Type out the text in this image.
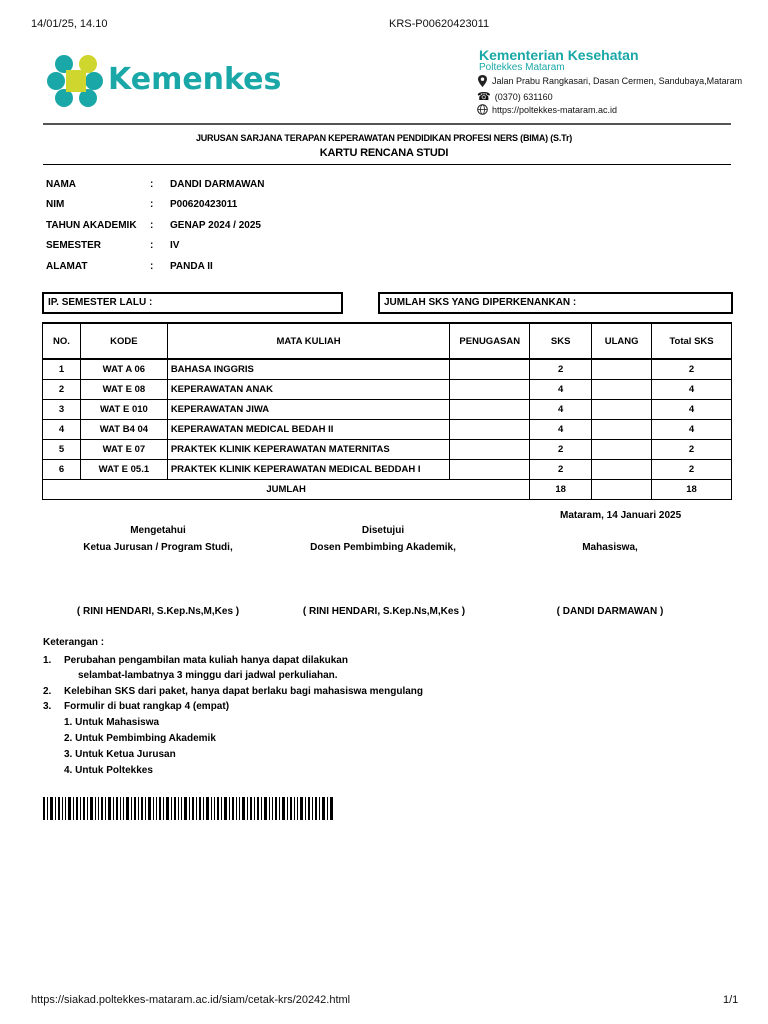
14/01/25, 14.10	KRS-P00620423011
Kemenkes
Kementerian Kesehatan
Poltekkes Mataram
Jalan Prabu Rangkasari, Dasan Cermen, Sandubaya,Mataram
☎ (0370) 631160
https://poltekkes-mataram.ac.id
JURUSAN SARJANA TERAPAN KEPERAWATAN PENDIDIKAN PROFESI NERS (BIMA) (S.Tr)
KARTU RENCANA STUDI
NAMA	: DANDI DARMAWAN
NIM	: P00620423011
TAHUN AKADEMIK : GENAP 2024 / 2025
SEMESTER	: IV
ALAMAT	: PANDA II
IP. SEMESTER LALU :	JUMLAH SKS YANG DIPERKENANKAN :
NO.	KODE	MATA KULIAH	PENUGASAN	SKS	ULANG	Total SKS
1	WAT A 06	BAHASA INGGRIS		2		2
2	WAT E 08	KEPERAWATAN ANAK		4		4
3	WAT E 010	KEPERAWATAN JIWA		4		4
4	WAT B4 04	KEPERAWATAN MEDICAL BEDAH II		4		4
5	WAT E 07	PRAKTEK KLINIK KEPERAWATAN MATERNITAS		2		2
6	WAT E 05.1	PRAKTEK KLINIK KEPERAWATAN MEDICAL BEDDAH I		2		2
JUMLAH				18		18
Mataram, 14 Januari 2025
Mengetahui
Ketua Jurusan / Program Studi,
Disetujui
Dosen Pembimbing Akademik,	Mahasiswa,
( RINI HENDARI, S.Kep.Ns,M,Kes )	( RINI HENDARI, S.Kep.Ns,M,Kes )	( DANDI DARMAWAN )
Keterangan :
1. Perubahan pengambilan mata kuliah hanya dapat dilakukan
selambat-lambatnya 3 minggu dari jadwal perkuliahan.
2. Kelebihan SKS dari paket, hanya dapat berlaku bagi mahasiswa mengulang
3. Formulir di buat rangkap 4 (empat)
1. Untuk Mahasiswa
2. Untuk Pembimbing Akademik
3. Untuk Ketua Jurusan
4. Untuk Poltekkes
https://siakad.poltekkes-mataram.ac.id/siam/cetak-krs/20242.html	1/1
